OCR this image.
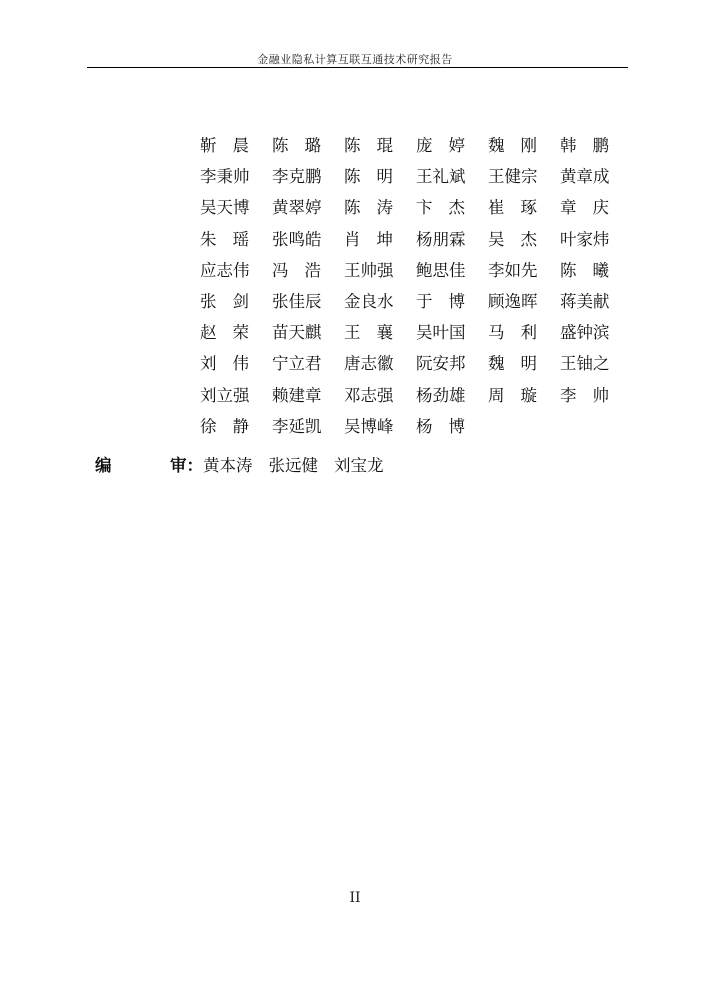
金融业隐私计算互联互通技术研究报告
靳晨 陈璐 陈琨 庞婷 魏刚 韩鹏
李秉帅	李克鹏	陈明 王礼斌	王健宗	黄章成
吴天博	黄翠婷	陈涛 卞杰 崔琢 章庆
朱瑶 张鸣皓	肖坤 杨朋霖	吴杰 叶家炜
应志伟	冯浩 王帅强	鲍思佳	李如先	陈曦
张剑 张佳辰	金良水	于博 顾逸晖	蒋美献
赵荣 苗天麒	王襄 吴叶国	马利 盛钟滨
刘伟 宁立君	唐志徽	阮安邦	魏明 王铀之
刘立强	赖建章	邓志强	杨劲雄	周璇 李帅
徐静 李延凯	吴博峰	杨博
编	审： 黄本涛 张远健 刘宝龙
II
